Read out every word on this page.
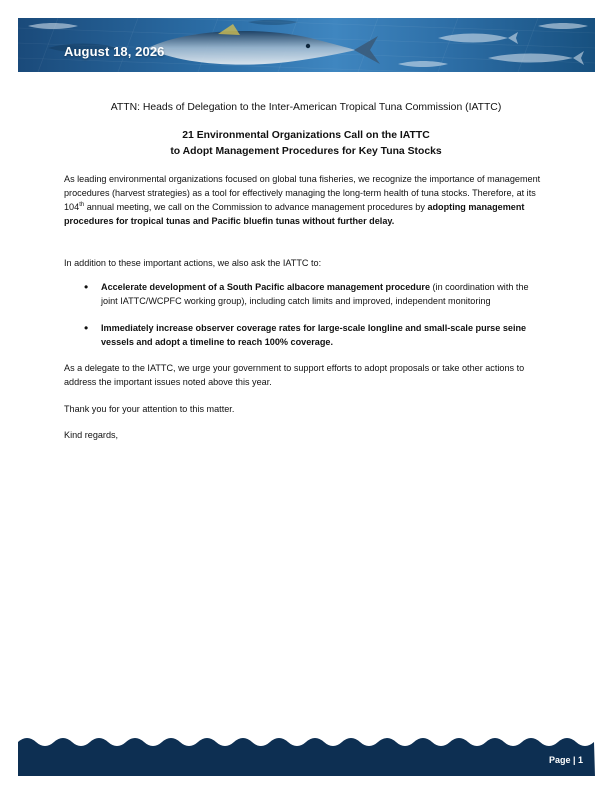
August 18, 2026
ATTN: Heads of Delegation to the Inter-American Tropical Tuna Commission (IATTC)
21 Environmental Organizations Call on the IATTC
to Adopt Management Procedures for Key Tuna Stocks
As leading environmental organizations focused on global tuna fisheries, we recognize the importance of management procedures (harvest strategies) as a tool for effectively managing the long-term health of tuna stocks. Therefore, at its 104th annual meeting, we call on the Commission to advance management procedures by adopting management procedures for tropical tunas and Pacific bluefin tunas without further delay.
In addition to these important actions, we also ask the IATTC to:
• Accelerate development of a South Pacific albacore management procedure (in coordination with the joint IATTC/WCPFC working group), including catch limits and improved, independent monitoring
• Immediately increase observer coverage rates for large-scale longline and small-scale purse seine vessels and adopt a timeline to reach 100% coverage.
As a delegate to the IATTC, we urge your government to support efforts to adopt proposals or take other actions to address the important issues noted above this year.
Thank you for your attention to this matter.
Kind regards,
Page | 1
